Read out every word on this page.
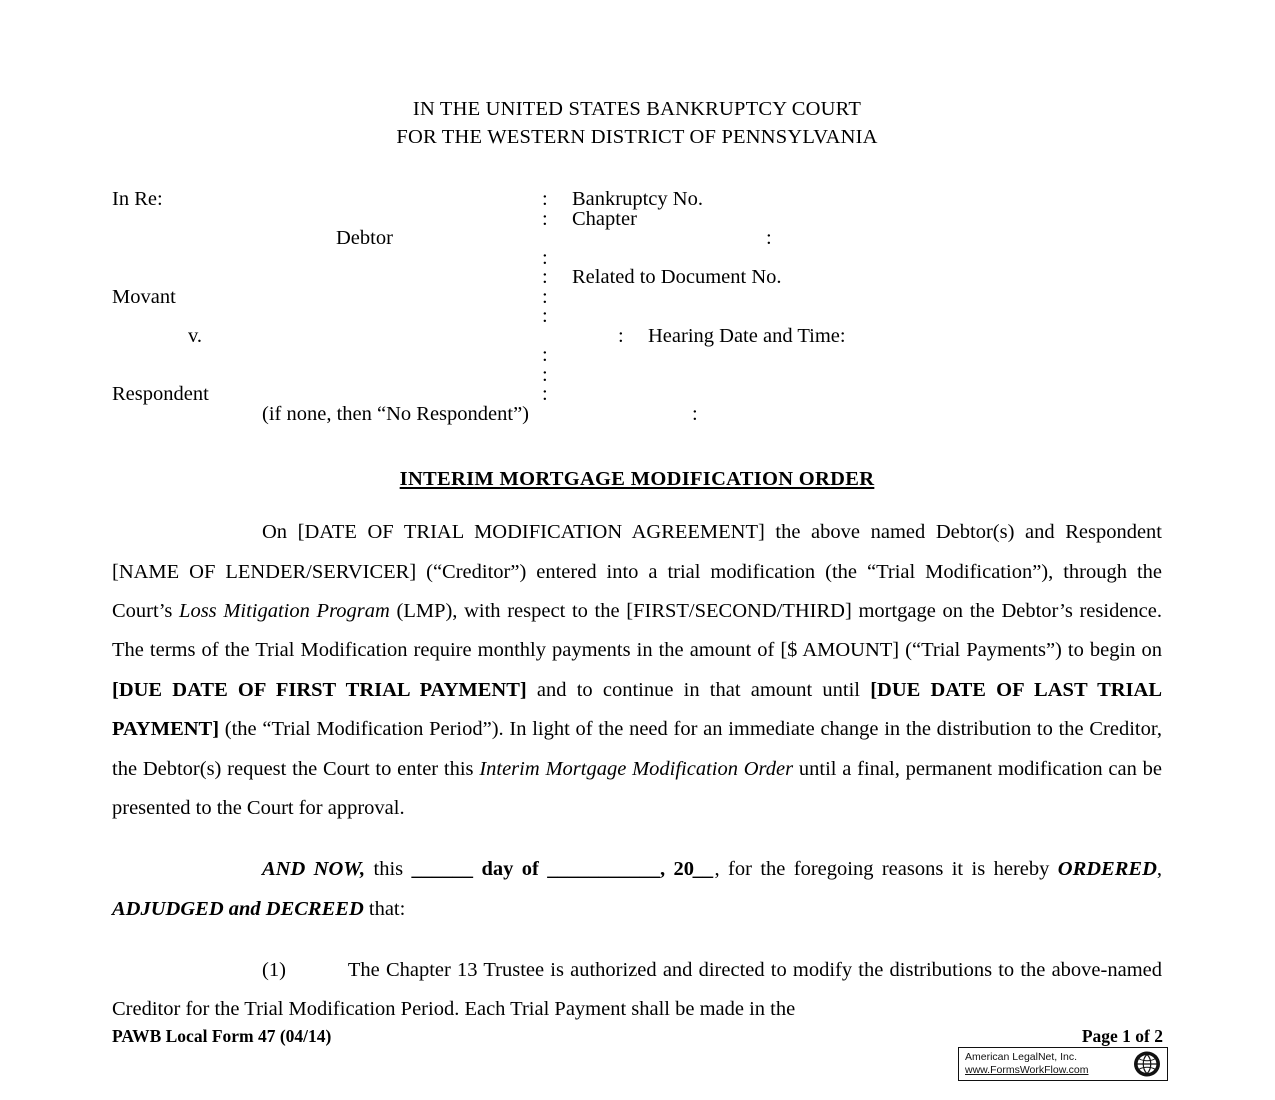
IN THE UNITED STATES BANKRUPTCY COURT
FOR THE WESTERN DISTRICT OF PENNSYLVANIA
In Re:	:	Bankruptcy No.
:	Chapter
Debtor	:
:
:	Related to Document No.
Movant	:
:
v.	:	Hearing Date and Time:
:
:
Respondent	:
(if none, then “No Respondent”)	:
INTERIM MORTGAGE MODIFICATION ORDER

On [DATE OF TRIAL MODIFICATION AGREEMENT] the above named Debtor(s) and Respondent [NAME OF LENDER/SERVICER] (“Creditor”) entered into a trial modification (the “Trial Modification”), through the Court’s Loss Mitigation Program (LMP), with respect to the [FIRST/SECOND/THIRD] mortgage on the Debtor’s residence. The terms of the Trial Modification require monthly payments in the amount of [$ AMOUNT] (“Trial Payments”) to begin on [DUE DATE OF FIRST TRIAL PAYMENT] and to continue in that amount until [DUE DATE OF LAST TRIAL PAYMENT] (the “Trial Modification Period”). In light of the need for an immediate change in the distribution to the Creditor, the Debtor(s) request the Court to enter this Interim Mortgage Modification Order until a final, permanent modification can be presented to the Court for approval.

AND NOW, this ______ day of ___________, 20__, for the foregoing reasons it is hereby ORDERED, ADJUDGED and DECREED that:

(1)	The Chapter 13 Trustee is authorized and directed to modify the distributions to the above-named Creditor for the Trial Modification Period. Each Trial Payment shall be made in the

PAWB Local Form 47 (04/14)	Page 1 of 2
American LegalNet, Inc.
www.FormsWorkFlow.com
